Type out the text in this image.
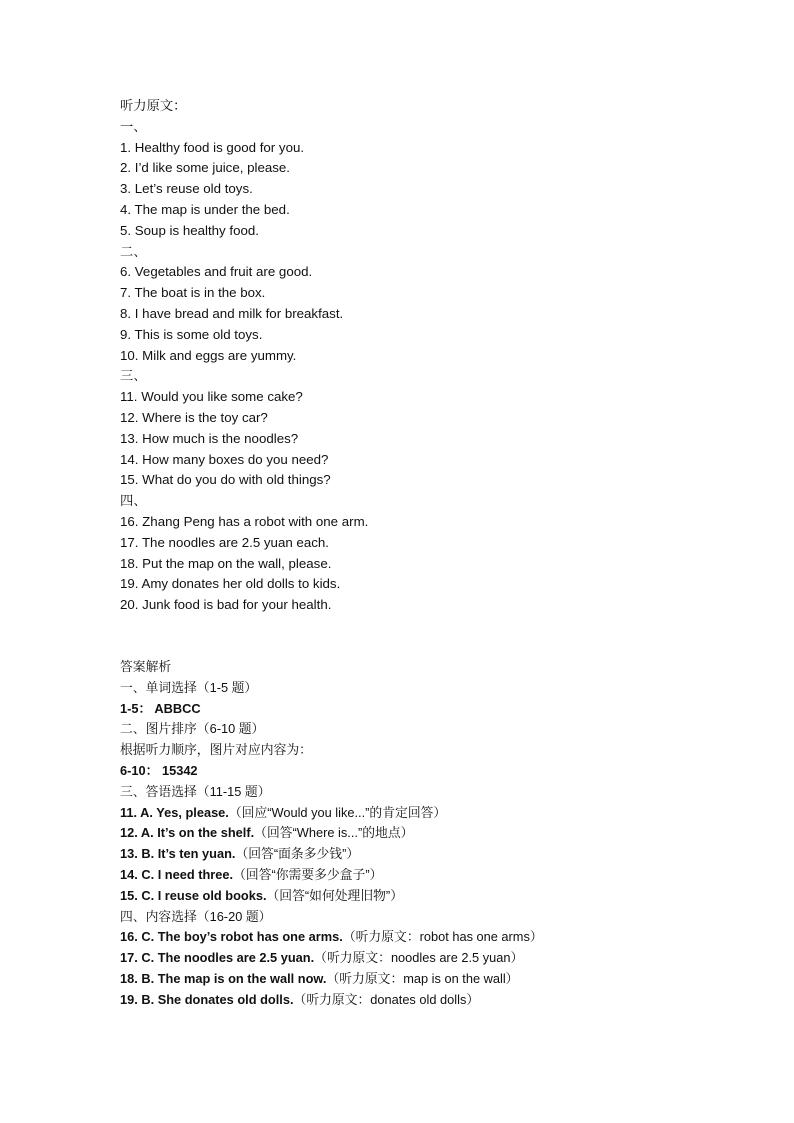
听力原文：
一、
1. Healthy food is good for you.
2. I’d like some juice, please.
3. Let’s reuse old toys.
4. The map is under the bed.
5. Soup is healthy food.
二、
6. Vegetables and fruit are good.
7. The boat is in the box.
8. I have bread and milk for breakfast.
9. This is some old toys.
10. Milk and eggs are yummy.
三、
11. Would you like some cake?
12. Where is the toy car?
13. How much is the noodles?
14. How many boxes do you need?
15. What do you do with old things?
四、
16. Zhang Peng has a robot with one arm.
17. The noodles are 2.5 yuan each.
18. Put the map on the wall, please.
19. Amy donates her old dolls to kids.
20. Junk food is bad for your health.
答案解析
一、单词选择（1-5 题）
1-5： ABBCC
二、图片排序（6-10 题）
根据听力顺序，图片对应内容为：
6-10： 15342
三、答语选择（11-15 题）
11. A. Yes, please.（回应“Would you like...”的肯定回答）
12. A. It’s on the shelf.（回答“Where is...”的地点）
13. B. It’s ten yuan.（回答“面条多少钱”）
14. C. I need three.（回答“你需要多少盒子”）
15. C. I reuse old books.（回答“如何处理旧物”）
四、内容选择（16-20 题）
16. C. The boy’s robot has one arms.（听力原文：robot has one arms）
17. C. The noodles are 2.5 yuan.（听力原文：noodles are 2.5 yuan）
18. B. The map is on the wall now.（听力原文：map is on the wall）
19. B. She donates old dolls.（听力原文：donates old dolls）
